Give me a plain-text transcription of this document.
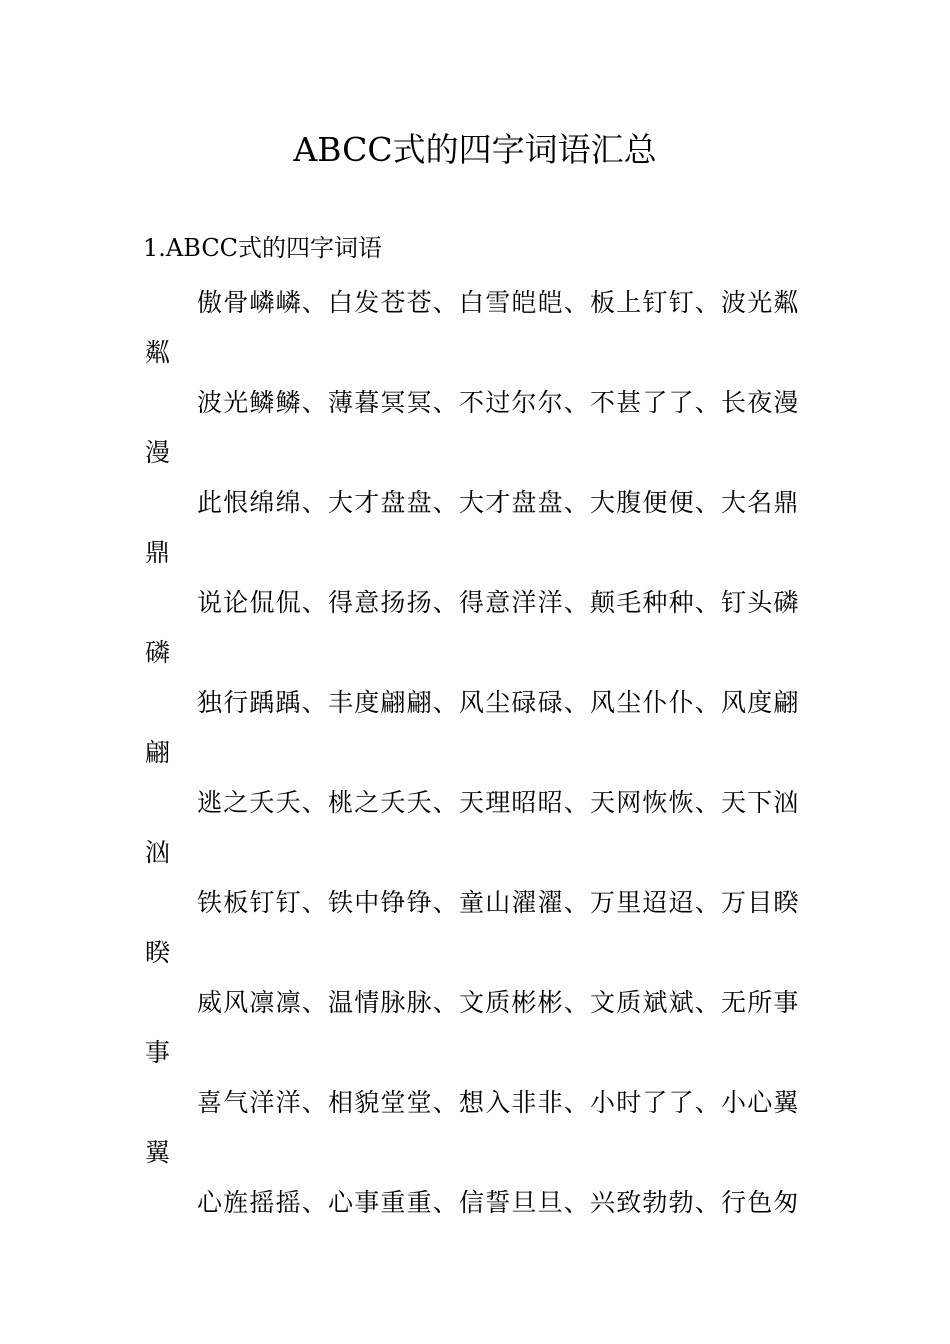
ABCC式的四字词语汇总
1.ABCC式的四字词语

傲骨嶙嶙、白发苍苍、白雪皑皑、板上钉钉、波光粼粼

波光鳞鳞、薄暮冥冥、不过尔尔、不甚了了、长夜漫漫

此恨绵绵、大才盘盘、大才盘盘、大腹便便、大名鼎鼎

说论侃侃、得意扬扬、得意洋洋、颠毛种种、钉头磷磷

独行踽踽、丰度翩翩、风尘碌碌、风尘仆仆、风度翩翩

逃之夭夭、桃之夭夭、天理昭昭、天网恢恢、天下汹汹

铁板钉钉、铁中铮铮、童山濯濯、万里迢迢、万目睽睽

威风凛凛、温情脉脉、文质彬彬、文质斌斌、无所事事

喜气洋洋、相貌堂堂、想入非非、小时了了、小心翼翼

心旌摇摇、心事重重、信誓旦旦、兴致勃勃、行色匆
